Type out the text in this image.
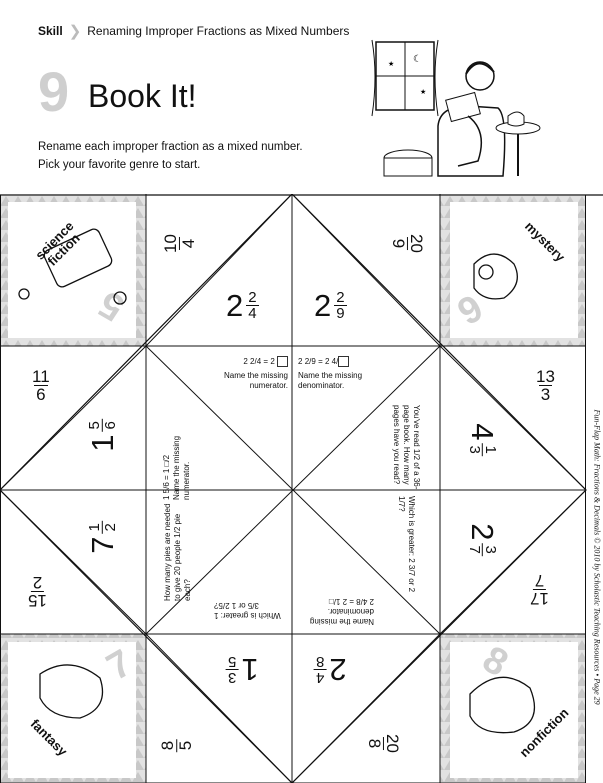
Skill ❯ Renaming Improper Fractions as Mixed Numbers
9 Book It!
Rename each improper fraction as a mixed number.
Pick your favorite genre to start.
☾
★
★
5	6
7	8
science fiction	mystery
fantasy	nonfiction
10 4	20
9
$\frac{11}{6}$
15
2
$\frac{13}{3}$
17
7
8 5	20
8
$2 \frac{2}{4} 2 \frac{2}{9}$
1
5 6
7
1 2
4
1
3
2
3
7
1
3
5	2
4
8
2 2/4 = 2
Name the missing numerator.
2 2/9 = 2 4/
Name the missing denominator.
1 5/6 = 1 □/2 Name the missing numerator.
How many pies are needed to give 20 people 1/2 pie each?
You've read 1/2 of a 36-page book. How many pages have you read?
Which is greater: 2 3/7 or 2 1/7?
Which is greater: 1 3/5 or 1 2/5?
Name the missing denominator.
2 4/8 = 2 1/□	Fun-Flap Math: Fractions & Decimals © 2010 by Scholastic Teaching Resources • Page 29
